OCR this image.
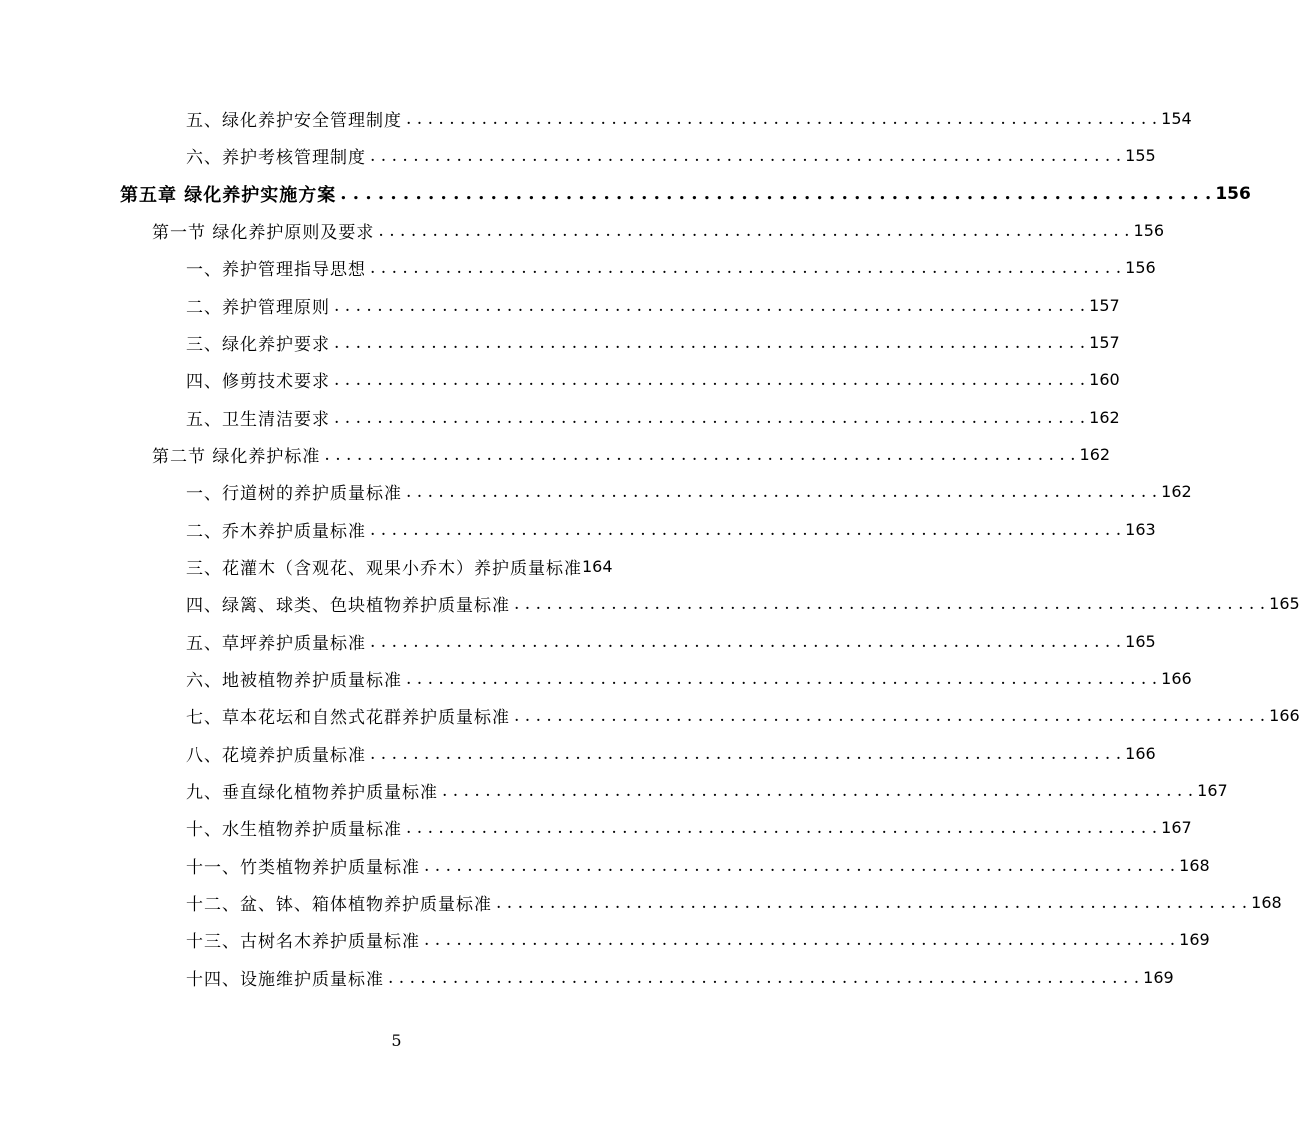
五、绿化养护安全管理制度 . . .	154
六、养护考核管理制度 . . .	155
第五章 绿化养护实施方案 . . .	156
第一节 绿化养护原则及要求 . . .	156
一、养护管理指导思想 . . .	156
二、养护管理原则 . . .	157
三、绿化养护要求 . . .	157
四、修剪技术要求 . . .	160
五、卫生清洁要求 . . .	162
第二节 绿化养护标准 . . .	162
一、行道树的养护质量标准 . . .	162
二、乔木养护质量标准 . . .	163
三、花灌木（含观花、观果小乔木）养护质量标准 164
四、绿篱、球类、色块植物养护质量标准 . . .	165
五、草坪养护质量标准 . . .	165
六、地被植物养护质量标准 . . .	166
七、草本花坛和自然式花群养护质量标准 . . .	166
八、花境养护质量标准 . . .	166
九、垂直绿化植物养护质量标准 . . .	167
十、水生植物养护质量标准 . . .	167
十一、竹类植物养护质量标准 . . .	168
十二、盆、钵、箱体植物养护质量标准 . . .	168
十三、古树名木养护质量标准 . . .	169
十四、设施维护质量标准 . . .	169
5
